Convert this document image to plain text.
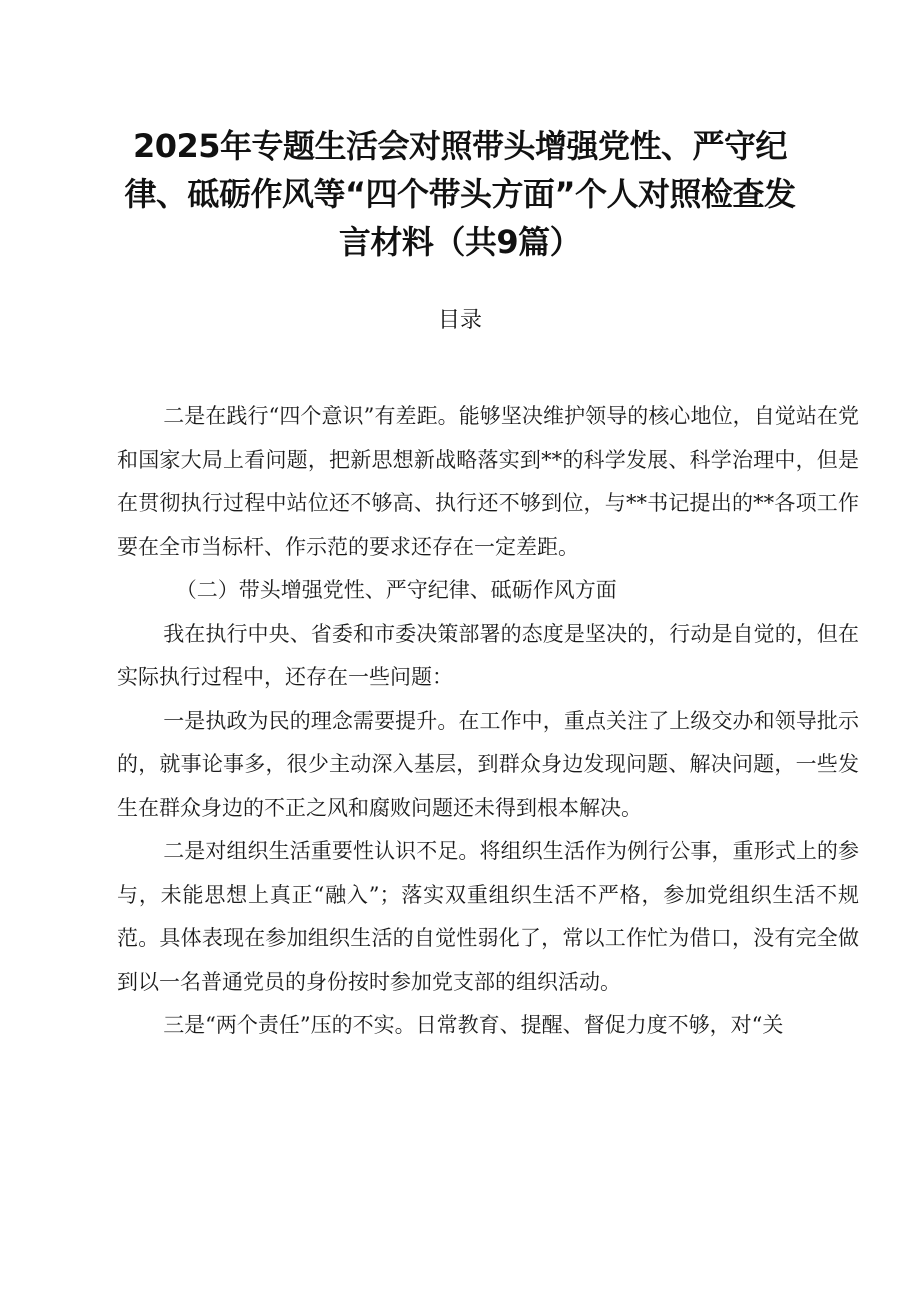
2025年专题生活会对照带头增强党性、严守纪律、砥砺作风等“四个带头方面”个人对照检查发言材料（共9篇）
目录

二是在践行“四个意识”有差距。能够坚决维护领导的核心地位，自觉站在党和国家大局上看问题，把新思想新战略落实到**的科学发展、科学治理中，但是在贯彻执行过程中站位还不够高、执行还不够到位，与**书记提出的**各项工作要在全市当标杆、作示范的要求还存在一定差距。

（二）带头增强党性、严守纪律、砥砺作风方面

我在执行中央、省委和市委决策部署的态度是坚决的，行动是自觉的，但在实际执行过程中，还存在一些问题：

一是执政为民的理念需要提升。在工作中，重点关注了上级交办和领导批示的，就事论事多，很少主动深入基层，到群众身边发现问题、解决问题，一些发生在群众身边的不正之风和腐败问题还未得到根本解决。

二是对组织生活重要性认识不足。将组织生活作为例行公事，重形式上的参与，未能思想上真正“融入”；落实双重组织生活不严格，参加党组织生活不规范。具体表现在参加组织生活的自觉性弱化了，常以工作忙为借口，没有完全做到以一名普通党员的身份按时参加党支部的组织活动。

三是“两个责任”压的不实。日常教育、提醒、督促力度不够，对“关
